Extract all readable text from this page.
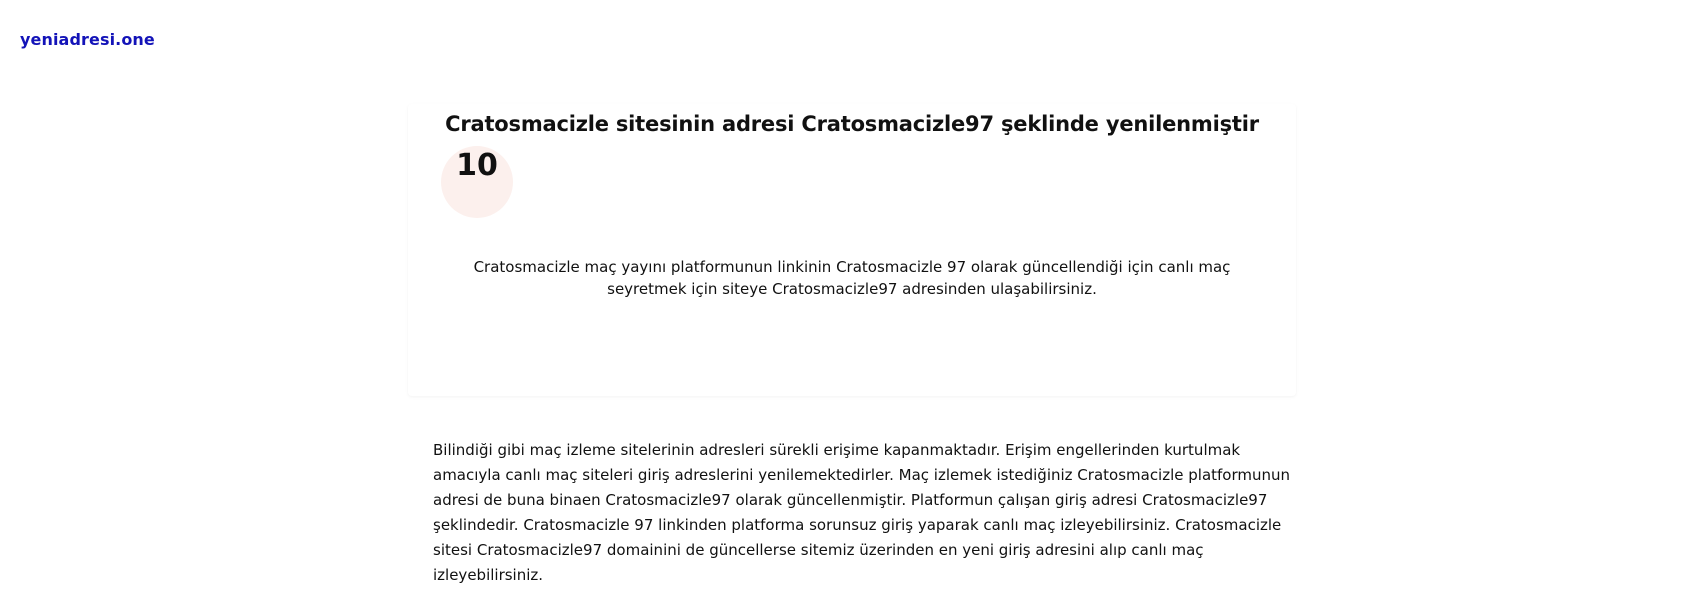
yeniadresi.one
Cratosmacizle sitesinin adresi Cratosmacizle97 şeklinde yenilenmiştir
10

Cratosmacizle maç yayını platformunun linkinin Cratosmacizle 97 olarak güncellendiği için canlı maç seyretmek için siteye Cratosmacizle97 adresinden ulaşabilirsiniz.

Bilindiği gibi maç izleme sitelerinin adresleri sürekli erişime kapanmaktadır. Erişim engellerinden kurtulmak amacıyla canlı maç siteleri giriş adreslerini yenilemektedirler. Maç izlemek istediğiniz Cratosmacizle platformunun adresi de buna binaen Cratosmacizle97 olarak güncellenmiştir. Platformun çalışan giriş adresi Cratosmacizle97 şeklindedir. Cratosmacizle 97 linkinden platforma sorunsuz giriş yaparak canlı maç izleyebilirsiniz. Cratosmacizle sitesi Cratosmacizle97 domainini de güncellerse sitemiz üzerinden en yeni giriş adresini alıp canlı maç izleyebilirsiniz.
